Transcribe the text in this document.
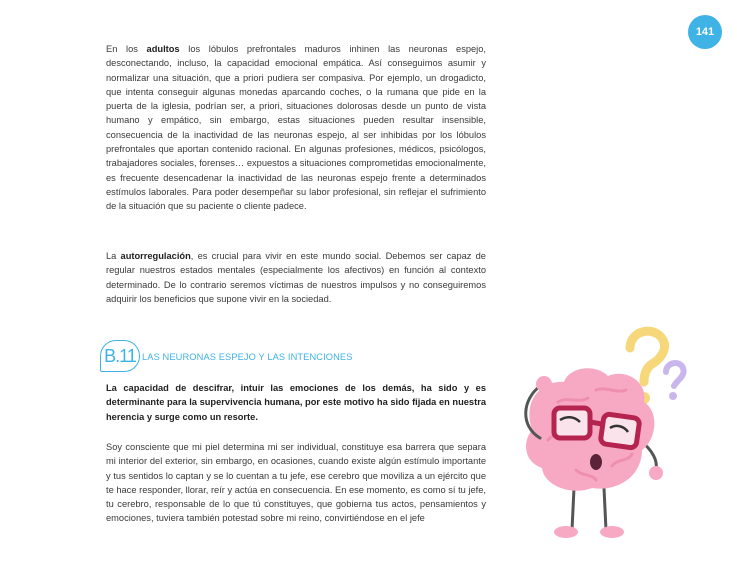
141

En los adultos los lóbulos prefrontales maduros inhinen las neuronas espejo, desconectando, incluso, la capacidad emocional empática. Así conseguimos asumir y normalizar una situación, que a priori pudiera ser compasiva. Por ejemplo, un drogadicto, que intenta conseguir algunas monedas aparcando coches, o la rumana que pide en la puerta de la iglesia, podrían ser, a priori, situaciones dolorosas desde un punto de vista humano y empático, sin embargo, estas situaciones pueden resultar insensible, consecuencia de la inactividad de las neuronas espejo, al ser inhibidas por los lóbulos prefrontales que aportan contenido racional. En algunas profesiones, médicos, psicólogos, trabajadores sociales, forenses… expuestos a situaciones comprometidas emocionalmente, es frecuente desencadenar la inactividad de las neuronas espejo frente a determinados estímulos laborales. Para poder desempeñar su labor profesional, sin reflejar el sufrimiento de la situación que su paciente o cliente padece.

La autorregulación, es crucial para vivir en este mundo social. Debemos ser capaz de regular nuestros estados mentales (especialmente los afectivos) en función al contexto determinado. De lo contrario seremos víctimas de nuestros impulsos y no conseguiremos adquirir los beneficios que supone vivir en la sociedad.

B.11 LAS NEURONAS ESPEJO Y LAS INTENCIONES

La capacidad de descifrar, intuir las emociones de los demás, ha sido y es determinante para la supervivencia humana, por este motivo ha sido fijada en nuestra herencia y surge como un resorte.

Soy consciente que mi piel determina mi ser individual, constituye esa barrera que separa mi interior del exterior, sin embargo, en ocasiones, cuando existe algún estímulo importante y tus sentidos lo captan y se lo cuentan a tu jefe, ese cerebro que moviliza a un ejército que te hace responder, llorar, reír y actúa en consecuencia. En ese momento, es como sí tu jefe, tu cerebro, responsable de lo que tú constituyes, que gobierna tus actos, pensamientos y emociones, tuviera también potestad sobre mi reino, convirtiéndose en el jefe
